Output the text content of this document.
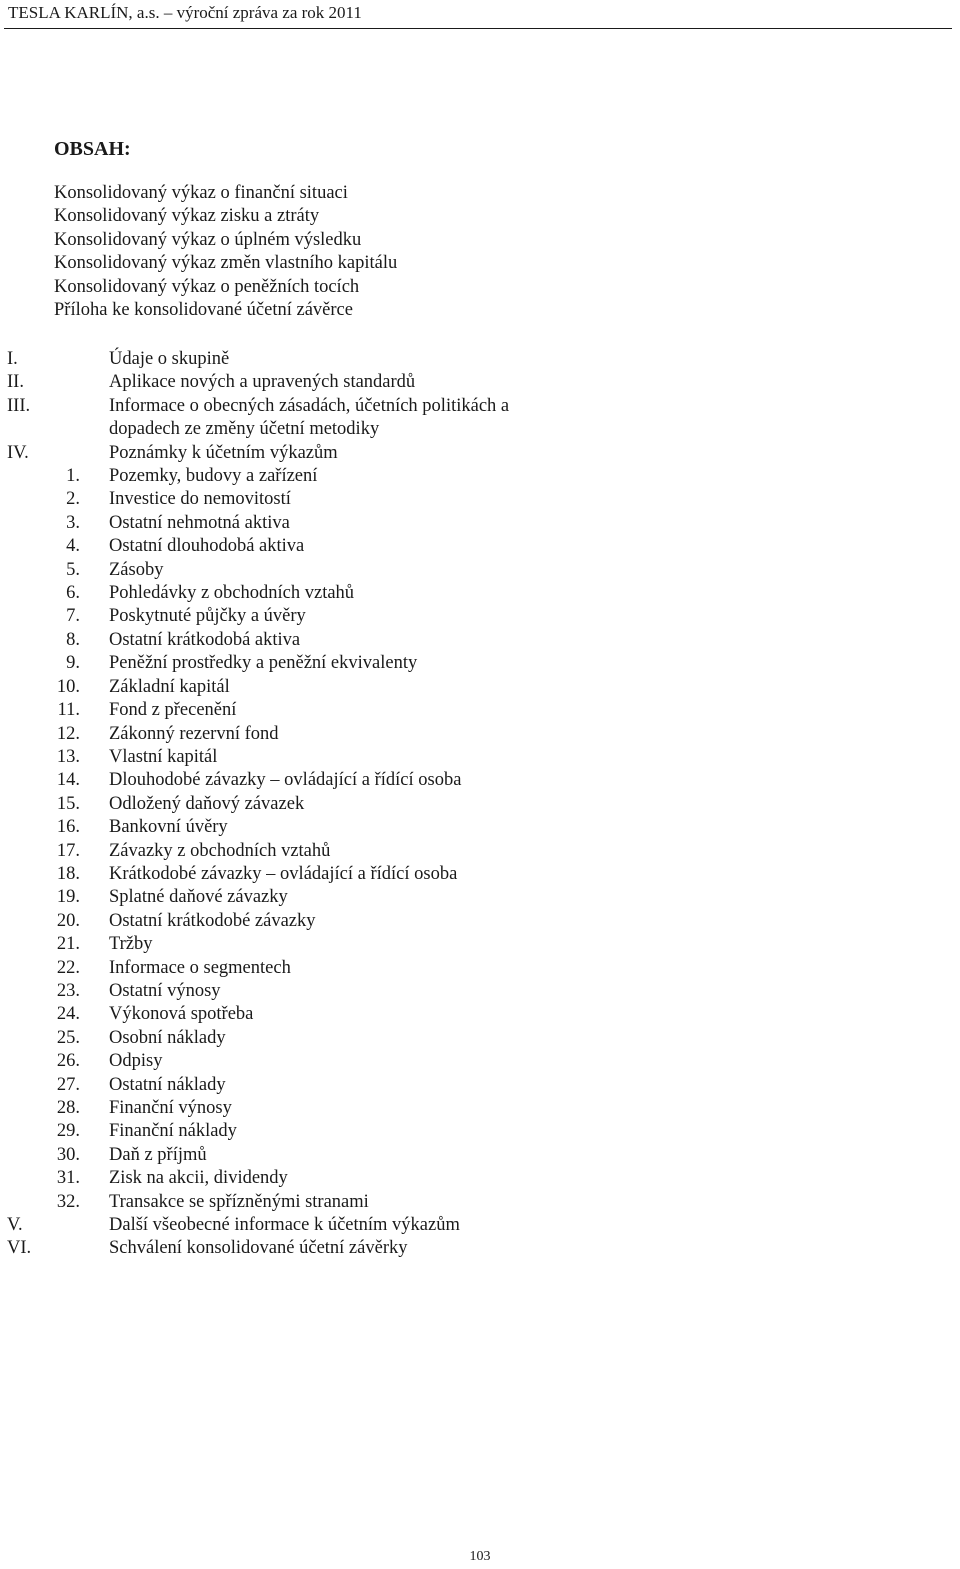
TESLA KARLÍN, a.s. – výroční zpráva za rok 2011
OBSAH:
Konsolidovaný výkaz o finanční situaci
Konsolidovaný výkaz zisku a ztráty
Konsolidovaný výkaz o úplném výsledku
Konsolidovaný výkaz změn vlastního kapitálu
Konsolidovaný výkaz o peněžních tocích
Příloha ke konsolidované účetní závěrce
I.	Údaje o skupině
II.	Aplikace nových a upravených standardů
III.	Informace o obecných zásadách, účetních politikách a dopadech ze změny účetní metodiky
IV.	Poznámky k účetním výkazům
1. Pozemky, budovy a zařízení
2. Investice do nemovitostí
3. Ostatní nehmotná aktiva
4. Ostatní dlouhodobá aktiva
5. Zásoby
6. Pohledávky z obchodních vztahů
7. Poskytnuté půjčky a úvěry
8. Ostatní krátkodobá aktiva
9. Peněžní prostředky a peněžní ekvivalenty
10. Základní kapitál
11. Fond z přecenění
12. Zákonný rezervní fond
13. Vlastní kapitál
14. Dlouhodobé závazky – ovládající a řídící osoba
15. Odložený daňový závazek
16. Bankovní úvěry
17. Závazky z obchodních vztahů
18. Krátkodobé závazky – ovládající a řídící osoba
19. Splatné daňové závazky
20. Ostatní krátkodobé závazky
21. Tržby
22. Informace o segmentech
23. Ostatní výnosy
24. Výkonová spotřeba
25. Osobní náklady
26. Odpisy
27. Ostatní náklady
28. Finanční výnosy
29. Finanční náklady
30. Daň z příjmů
31. Zisk na akcii, dividendy
32. Transakce se spřízněnými stranami
V.	Další všeobecné informace k účetním výkazům
VI.	Schválení konsolidované účetní závěrky
103
